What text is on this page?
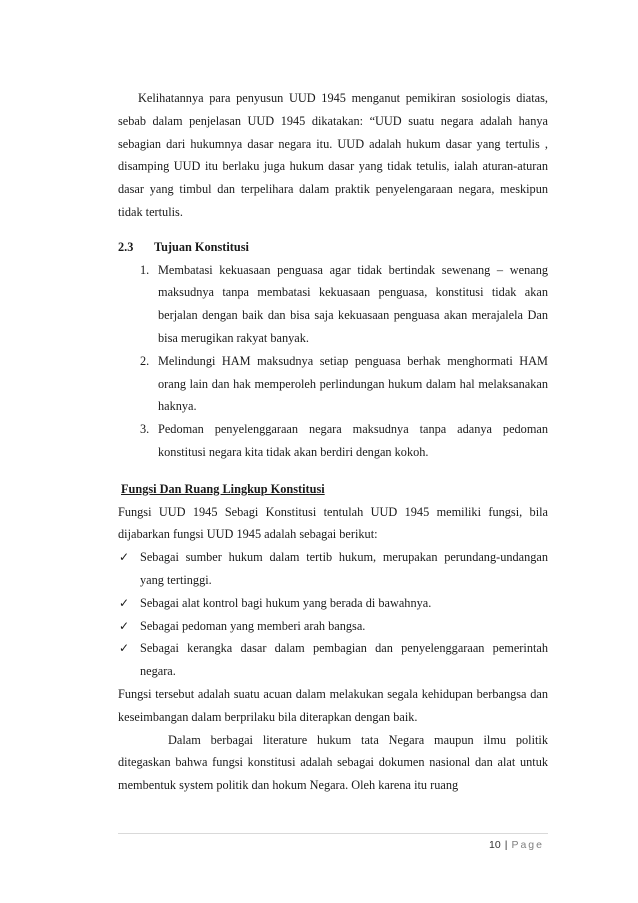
Kelihatannya para penyusun UUD 1945 menganut pemikiran sosiologis diatas, sebab dalam penjelasan UUD 1945 dikatakan: “UUD suatu negara adalah hanya sebagian dari hukumnya dasar negara itu. UUD adalah hukum dasar yang tertulis , disamping UUD itu berlaku juga hukum dasar yang tidak tetulis, ialah aturan-aturan dasar yang timbul dan terpelihara dalam praktik penyelengaraan negara, meskipun tidak tertulis.

2.3 Tujuan Konstitusi

1. Membatasi kekuasaan penguasa agar tidak bertindak sewenang – wenang maksudnya tanpa membatasi kekuasaan penguasa, konstitusi tidak akan berjalan dengan baik dan bisa saja kekuasaan penguasa akan merajalela Dan bisa merugikan rakyat banyak.
2. Melindungi HAM maksudnya setiap penguasa berhak menghormati HAM orang lain dan hak memperoleh perlindungan hukum dalam hal melaksanakan haknya.
3. Pedoman penyelenggaraan negara maksudnya tanpa adanya pedoman konstitusi negara kita tidak akan berdiri dengan kokoh.

Fungsi Dan Ruang Lingkup Konstitusi

Fungsi UUD 1945 Sebagi Konstitusi tentulah UUD 1945 memiliki fungsi, bila dijabarkan fungsi UUD 1945 adalah sebagai berikut:

✓ Sebagai sumber hukum dalam tertib hukum, merupakan perundang-undangan yang tertinggi.
✓ Sebagai alat kontrol bagi hukum yang berada di bawahnya.
✓ Sebagai pedoman yang memberi arah bangsa.
✓ Sebagai kerangka dasar dalam pembagian dan penyelenggaraan pemerintah negara.

Fungsi tersebut adalah suatu acuan dalam melakukan segala kehidupan berbangsa dan keseimbangan dalam berprilaku bila diterapkan dengan baik.

Dalam berbagai literature hukum tata Negara maupun ilmu politik ditegaskan bahwa fungsi konstitusi adalah sebagai dokumen nasional dan alat untuk membentuk system politik dan hokum Negara. Oleh karena itu ruang

10 | Page
